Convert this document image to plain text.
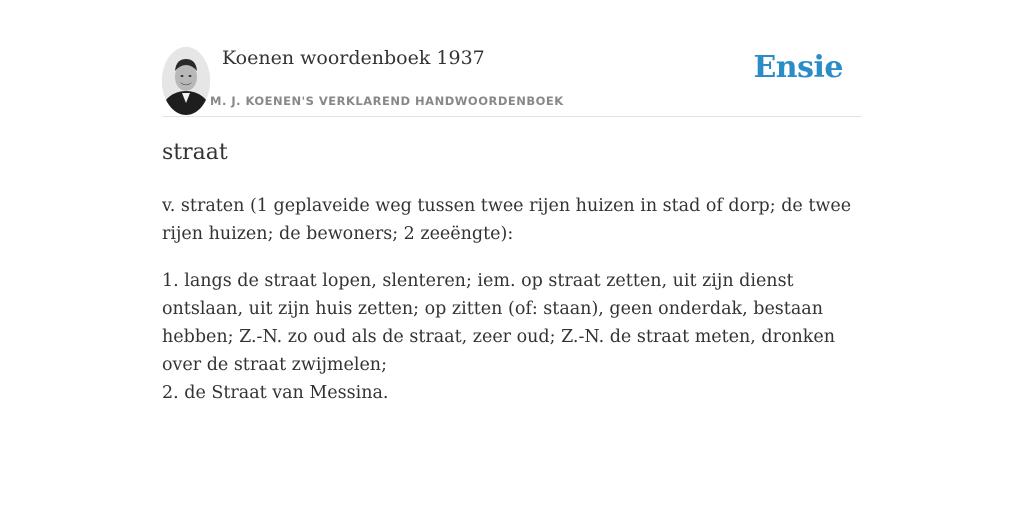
Koenen woordenboek 1937
M. J. KOENEN'S VERKLAREND HANDWOORDENBOEK
Ensie
straat

v. straten (1 geplaveide weg tussen twee rijen huizen in stad of dorp; de twee rijen huizen; de bewoners; 2 zeeëngte):

1. langs de straat lopen, slenteren; iem. op straat zetten, uit zijn dienst ontslaan, uit zijn huis zetten; op zitten (of: staan), geen onderdak, bestaan hebben; Z.-N. zo oud als de straat, zeer oud; Z.-N. de straat meten, dronken over de straat zwijmelen;

2. de Straat van Messina.
